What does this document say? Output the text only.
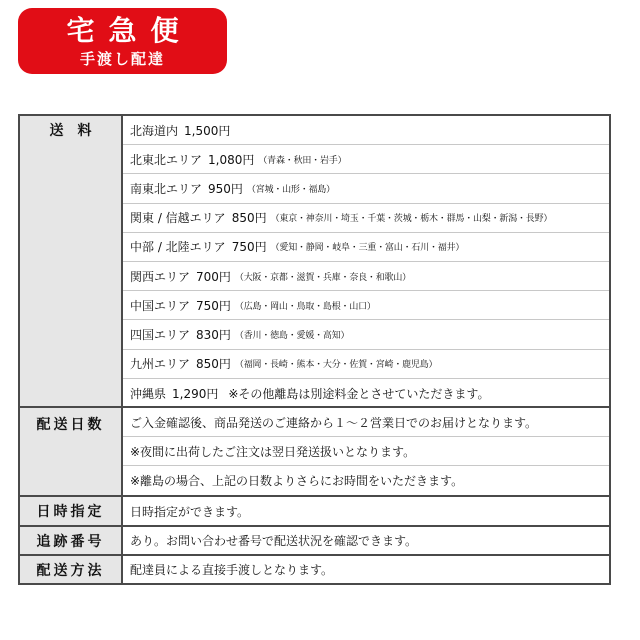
宅急便
手渡し配達
送料	北海道内 1,500円
北東北エリア 1,080円 （青森・秋田・岩手）
南東北エリア 950円 （宮城・山形・福島）
関東 / 信越エリア 850円 （東京・神奈川・埼玉・千葉・茨城・栃木・群馬・山梨・新潟・長野）
中部 / 北陸エリア 750円 （愛知・静岡・岐阜・三重・富山・石川・福井）
関西エリア 700円 （大阪・京都・滋賀・兵庫・奈良・和歌山）
中国エリア 750円 （広島・岡山・鳥取・島根・山口）
四国エリア 830円 （香川・徳島・愛媛・高知）
九州エリア 850円 （福岡・長崎・熊本・大分・佐賀・宮崎・鹿児島）
沖縄県 1,290円 ※その他離島は別途料金とさせていただきます。
配送日数	ご入金確認後、商品発送のご連絡から１～２営業日でのお届けとなります。
※夜間に出荷したご注文は翌日発送扱いとなります。
※離島の場合、上記の日数よりさらにお時間をいただきます。
日時指定	日時指定ができます。
追跡番号	あり。お問い合わせ番号で配送状況を確認できます。
配送方法	配達員による直接手渡しとなります。
